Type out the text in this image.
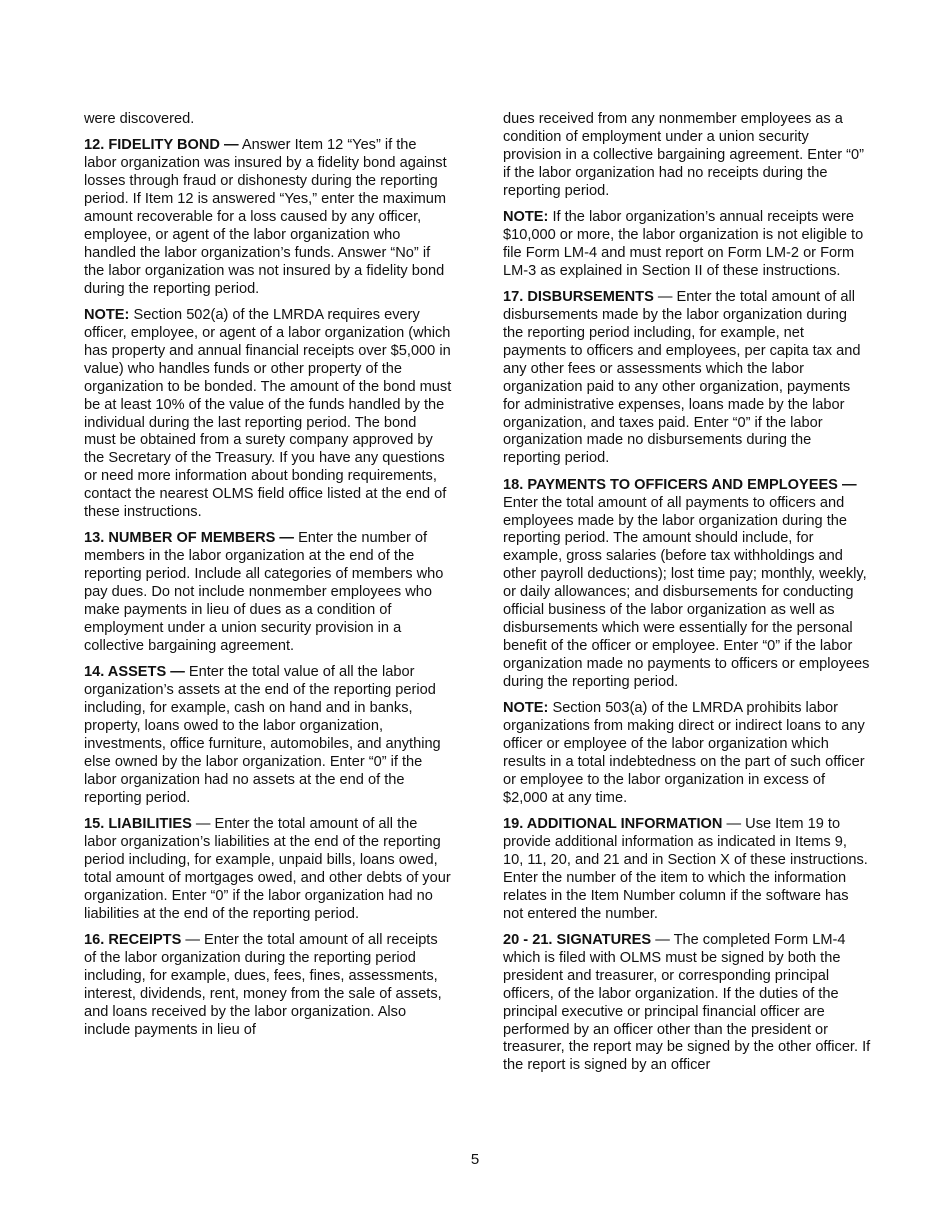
were discovered.

12. FIDELITY BOND — Answer Item 12 “Yes” if the labor organization was insured by a fidelity bond against losses through fraud or dishonesty during the reporting period. If Item 12 is answered “Yes,” enter the maximum amount recoverable for a loss caused by any officer, employee, or agent of the labor organization who handled the labor organization’s funds. Answer “No” if the labor organization was not insured by a fidelity bond during the reporting period.

NOTE: Section 502(a) of the LMRDA requires every officer, employee, or agent of a labor organization (which has property and annual financial receipts over $5,000 in value) who handles funds or other property of the organization to be bonded. The amount of the bond must be at least 10% of the value of the funds handled by the individual during the last reporting period. The bond must be obtained from a surety company approved by the Secretary of the Treasury. If you have any questions or need more information about bonding requirements, contact the nearest OLMS field office listed at the end of these instructions.

13. NUMBER OF MEMBERS — Enter the number of members in the labor organization at the end of the reporting period. Include all categories of members who pay dues. Do not include nonmember employees who make payments in lieu of dues as a condition of employment under a union security provision in a collective bargaining agreement.

14. ASSETS — Enter the total value of all the labor organization’s assets at the end of the reporting period including, for example, cash on hand and in banks, property, loans owed to the labor organization, investments, office furniture, automobiles, and anything else owned by the labor organization. Enter “0” if the labor organization had no assets at the end of the reporting period.

15. LIABILITIES — Enter the total amount of all the labor organization’s liabilities at the end of the reporting period including, for example, unpaid bills, loans owed, total amount of mortgages owed, and other debts of your organization. Enter “0” if the labor organization had no liabilities at the end of the reporting period.

16. RECEIPTS — Enter the total amount of all receipts of the labor organization during the reporting period including, for example, dues, fees, fines, assessments, interest, dividends, rent, money from the sale of assets, and loans received by the labor organization. Also include payments in lieu of

dues received from any nonmember employees as a condition of employment under a union security provision in a collective bargaining agreement. Enter “0” if the labor organization had no receipts during the reporting period.

NOTE: If the labor organization’s annual receipts were $10,000 or more, the labor organization is not eligible to file Form LM-4 and must report on Form LM-2 or Form LM-3 as explained in Section II of these instructions.

17. DISBURSEMENTS — Enter the total amount of all disbursements made by the labor organization during the reporting period including, for example, net payments to officers and employees, per capita tax and any other fees or assessments which the labor organization paid to any other organization, payments for administrative expenses, loans made by the labor organization, and taxes paid. Enter “0” if the labor organization made no disbursements during the reporting period.

18. PAYMENTS TO OFFICERS AND EMPLOYEES — Enter the total amount of all payments to officers and employees made by the labor organization during the reporting period. The amount should include, for example, gross salaries (before tax withholdings and other payroll deductions); lost time pay; monthly, weekly, or daily allowances; and disbursements for conducting official business of the labor organization as well as disbursements which were essentially for the personal benefit of the officer or employee. Enter “0” if the labor organization made no payments to officers or employees during the reporting period.

NOTE: Section 503(a) of the LMRDA prohibits labor organizations from making direct or indirect loans to any officer or employee of the labor organization which results in a total indebtedness on the part of such officer or employee to the labor organization in excess of $2,000 at any time.

19. ADDITIONAL INFORMATION — Use Item 19 to provide additional information as indicated in Items 9, 10, 11, 20, and 21 and in Section X of these instructions. Enter the number of the item to which the information relates in the Item Number column if the software has not entered the number.

20 - 21. SIGNATURES — The completed Form LM-4 which is filed with OLMS must be signed by both the president and treasurer, or corresponding principal officers, of the labor organization. If the duties of the principal executive or principal financial officer are performed by an officer other than the president or treasurer, the report may be signed by the other officer. If the report is signed by an officer

5
